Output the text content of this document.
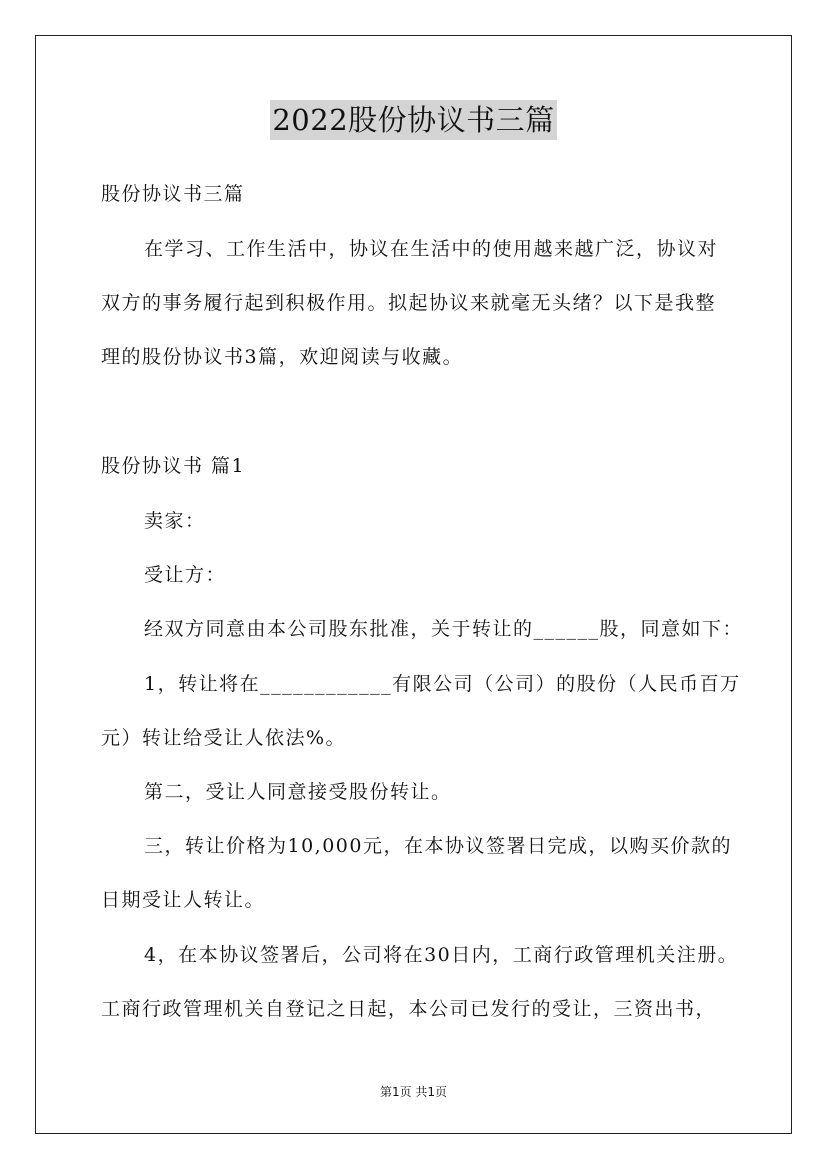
2022股份协议书三篇
股份协议书三篇
在学习、工作生活中，协议在生活中的使用越来越广泛，协议对
双方的事务履行起到积极作用。拟起协议来就毫无头绪？以下是我整
理的股份协议书3篇，欢迎阅读与收藏。
股份协议书 篇1
卖家：
受让方：
经双方同意由本公司股东批准，关于转让的______股，同意如下：
1，转让将在____________有限公司（公司）的股份（人民币百万
元）转让给受让人依法%。
第二，受让人同意接受股份转让。
三，转让价格为10,000元，在本协议签署日完成，以购买价款的
日期受让人转让。
4，在本协议签署后，公司将在30日内，工商行政管理机关注册。
工商行政管理机关自登记之日起，本公司已发行的受让，三资出书，
第1页 共1页
